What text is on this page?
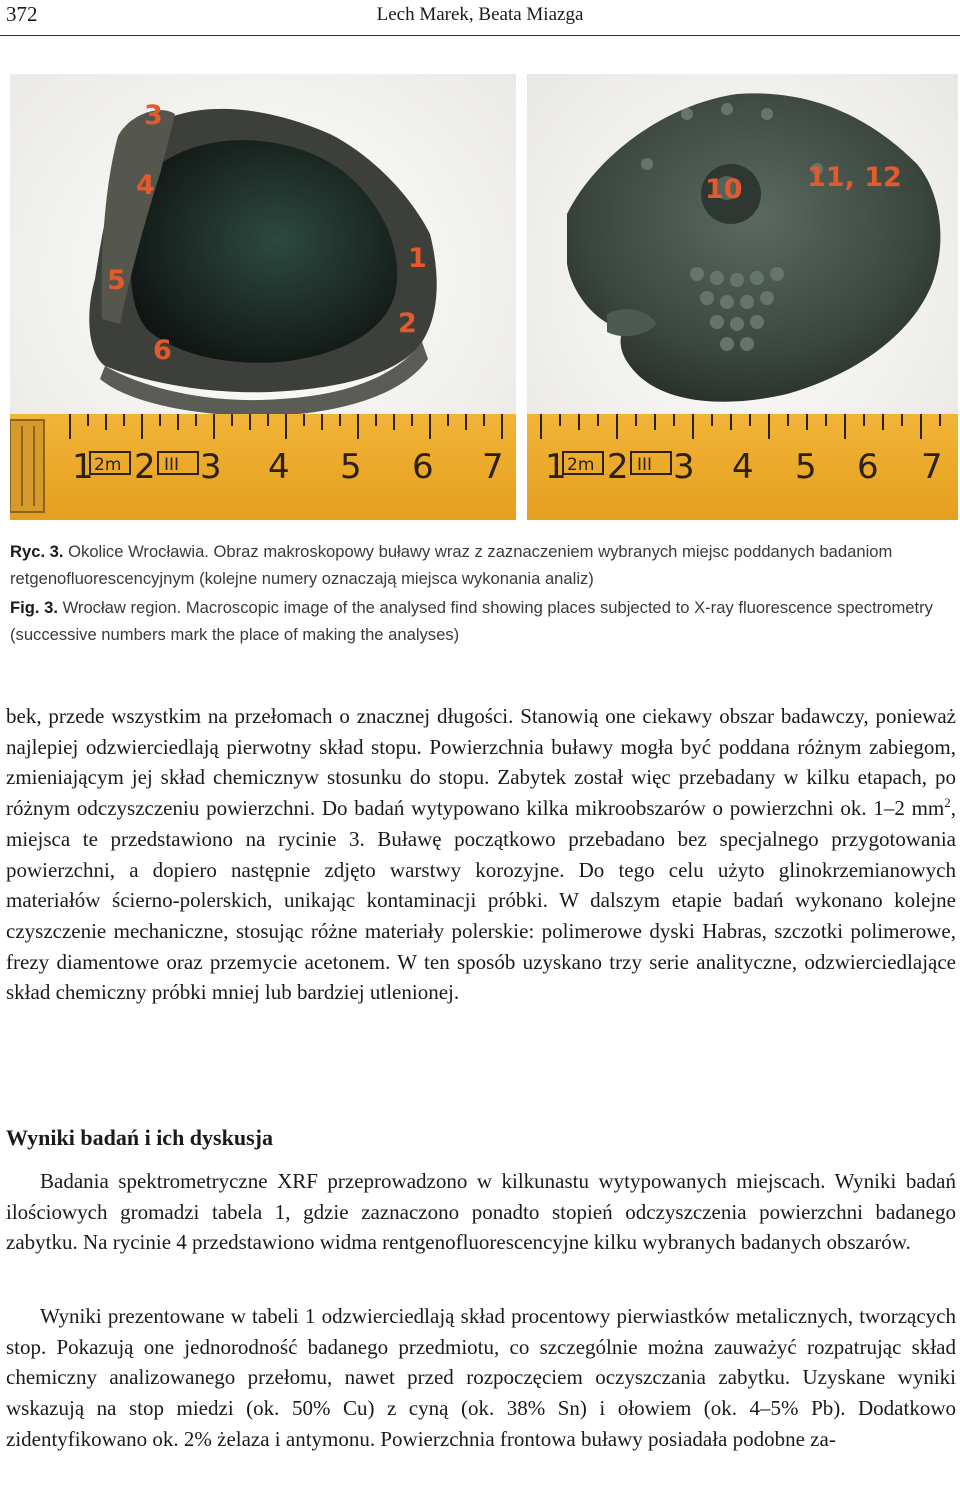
372	Lech Marek, Beata Miazga
3
4
5
6
1
2
1 2m 2 III 3 4 5 6 7
10 11, 12
1 2m 2 III 3 4 5 6 7
Ryc. 3. Okolice Wrocławia. Obraz makroskopowy buławy wraz z zaznaczeniem wybranych miejsc poddanych badaniom retgenofluorescencyjnym (kolejne numery oznaczają miejsca wykonania analiz)
Fig. 3. Wrocław region. Macroscopic image of the analysed find showing places subjected to X-ray fluorescence spectrometry (successive numbers mark the place of making the analyses)
bek, przede wszystkim na przełomach o znacznej długości. Stanowią one ciekawy obszar badawczy, ponieważ najlepiej odzwierciedlają pierwotny skład stopu. Powierzchnia buławy mogła być poddana różnym zabiegom, zmieniającym jej skład chemicznyw stosunku do stopu. Zabytek został więc przebadany w kilku etapach, po różnym odczyszczeniu powierzchni. Do badań wytypowano kilka mikroobszarów o powierzchni ok. 1–2 $mm^2$, miejsca te przedstawiono na rycinie 3. Buławę początkowo przebadano bez specjalnego przygotowania powierzchni, a dopiero następnie zdjęto warstwy korozyjne. Do tego celu użyto glinokrzemianowych materiałów ścierno-polerskich, unikając kontaminacji próbki. W dalszym etapie badań wykonano kolejne czyszczenie mechaniczne, stosując różne materiały polerskie: polimerowe dyski Habras, szczotki polimerowe, frezy diamentowe oraz przemycie acetonem. W ten sposób uzyskano trzy serie analityczne, odzwierciedlające skład chemiczny próbki mniej lub bardziej utlenionej.
Wyniki badań i ich dyskusja
Badania spektrometryczne XRF przeprowadzono w kilkunastu wytypowanych miejscach. Wyniki badań ilościowych gromadzi tabela 1, gdzie zaznaczono ponadto stopień odczyszczenia powierzchni badanego zabytku. Na rycinie 4 przedstawiono widma rentgenofluorescencyjne kilku wybranych badanych obszarów.
Wyniki prezentowane w tabeli 1 odzwierciedlają skład procentowy pierwiastków metalicznych, tworzących stop. Pokazują one jednorodność badanego przedmiotu, co szczególnie można zauważyć rozpatrując skład chemiczny analizowanego przełomu, nawet przed rozpoczęciem oczyszczania zabytku. Uzyskane wyniki wskazują na stop miedzi (ok. 50% Cu) z cyną (ok. 38% Sn) i ołowiem (ok. 4–5% Pb). Dodatkowo zidentyfikowano ok. 2% żelaza i antymonu. Powierzchnia frontowa buławy posiadała podobne za-
